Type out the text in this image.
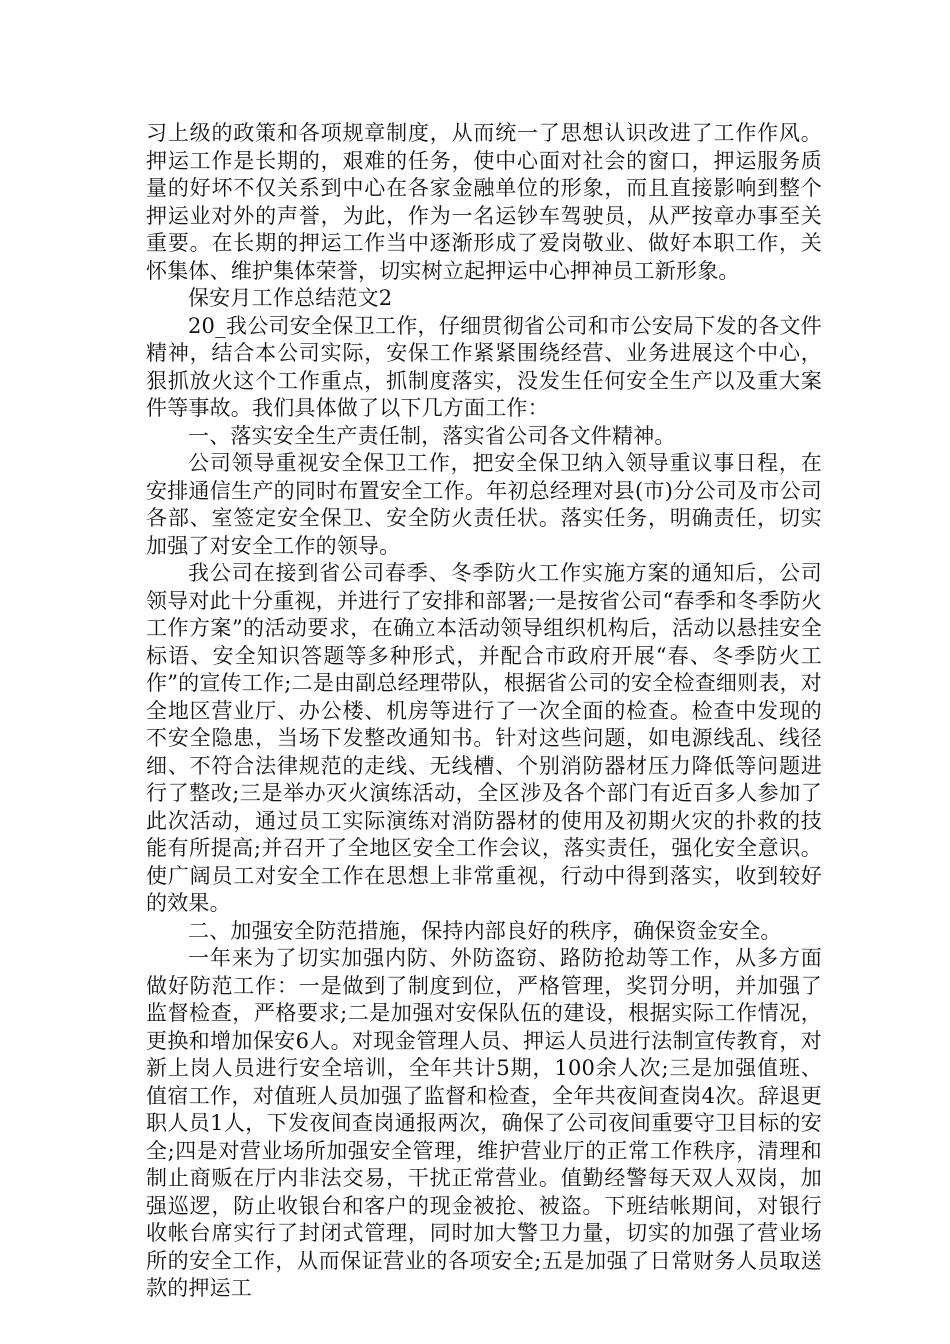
习上级的政策和各项规章制度，从而统一了思想认识改进了工作作风。押运工作是长期的，艰难的任务，使中心面对社会的窗口，押运服务质量的好坏不仅关系到中心在各家金融单位的形象，而且直接影响到整个押运业对外的声誉，为此，作为一名运钞车驾驶员，从严按章办事至关重要。在长期的押运工作当中逐渐形成了爱岗敬业、做好本职工作，关怀集体、维护集体荣誉，切实树立起押运中心押神员工新形象。

保安月工作总结范文2

20_我公司安全保卫工作，仔细贯彻省公司和市公安局下发的各文件精神，结合本公司实际，安保工作紧紧围绕经营、业务进展这个中心，狠抓放火这个工作重点，抓制度落实，没发生任何安全生产以及重大案件等事故。我们具体做了以下几方面工作：

一、落实安全生产责任制，落实省公司各文件精神。

公司领导重视安全保卫工作，把安全保卫纳入领导重议事日程，在安排通信生产的同时布置安全工作。年初总经理对县(市)分公司及市公司各部、室签定安全保卫、安全防火责任状。落实任务，明确责任，切实加强了对安全工作的领导。

我公司在接到省公司春季、冬季防火工作实施方案的通知后，公司领导对此十分重视，并进行了安排和部署;一是按省公司“春季和冬季防火工作方案”的活动要求，在确立本活动领导组织机构后，活动以悬挂安全标语、安全知识答题等多种形式，并配合市政府开展“春、冬季防火工作”的宣传工作;二是由副总经理带队，根据省公司的安全检查细则表，对全地区营业厅、办公楼、机房等进行了一次全面的检查。检查中发现的不安全隐患，当场下发整改通知书。针对这些问题，如电源线乱、线径细、不符合法律规范的走线、无线槽、个别消防器材压力降低等问题进行了整改;三是举办灭火演练活动，全区涉及各个部门有近百多人参加了此次活动，通过员工实际演练对消防器材的使用及初期火灾的扑救的技能有所提高;并召开了全地区安全工作会议，落实责任，强化安全意识。使广阔员工对安全工作在思想上非常重视，行动中得到落实，收到较好的效果。

二、加强安全防范措施，保持内部良好的秩序，确保资金安全。

一年来为了切实加强内防、外防盗窃、路防抢劫等工作，从多方面做好防范工作：一是做到了制度到位，严格管理，奖罚分明，并加强了监督检查，严格要求;二是加强对安保队伍的建设，根据实际工作情况，更换和增加保安6人。对现金管理人员、押运人员进行法制宣传教育，对新上岗人员进行安全培训，全年共计5期，100余人次;三是加强值班、值宿工作，对值班人员加强了监督和检查，全年共夜间查岗4次。辞退更职人员1人，下发夜间查岗通报两次，确保了公司夜间重要守卫目标的安全;四是对营业场所加强安全管理，维护营业厅的正常工作秩序，清理和制止商贩在厅内非法交易，干扰正常营业。值勤经警每天双人双岗，加强巡逻，防止收银台和客户的现金被抢、被盗。下班结帐期间，对银行收帐台席实行了封闭式管理，同时加大警卫力量，切实的加强了营业场所的安全工作，从而保证营业的各项安全;五是加强了日常财务人员取送款的押运工
